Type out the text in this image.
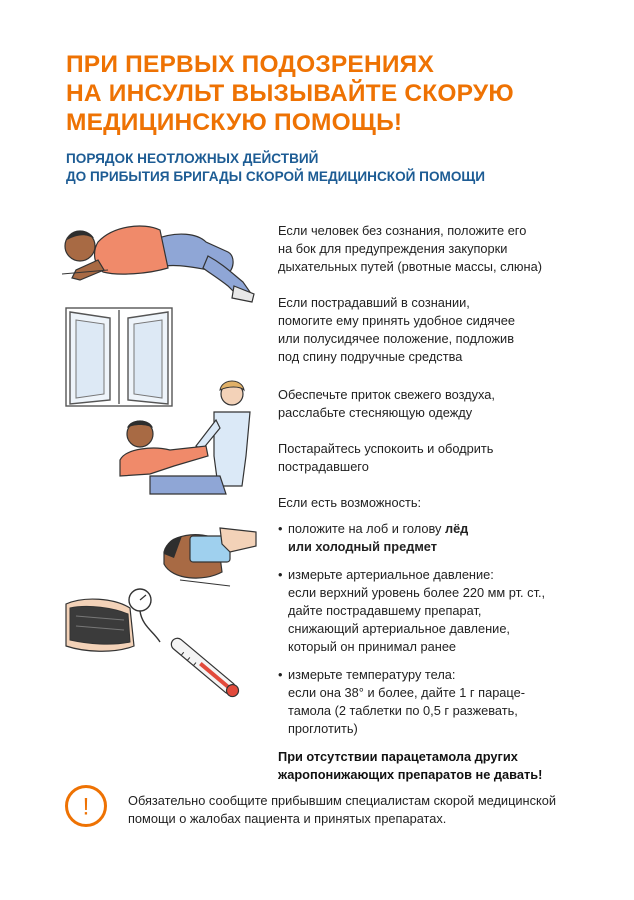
ПРИ ПЕРВЫХ ПОДОЗРЕНИЯХ
НА ИНСУЛЬТ ВЫЗЫВАЙТЕ СКОРУЮ
МЕДИЦИНСКУЮ ПОМОЩЬ!
ПОРЯДОК НЕОТЛОЖНЫХ ДЕЙСТВИЙ
ДО ПРИБЫТИЯ БРИГАДЫ СКОРОЙ МЕДИЦИНСКОЙ ПОМОЩИ
Если человек без сознания, положите его
на бок для предупреждения закупорки
дыхательных путей (рвотные массы, слюна)
Если пострадавший в сознании,
помогите ему принять удобное сидячее
или полусидячее положение, подложив
под спину подручные средства
Обеспечьте приток свежего воздуха,
расслабьте стесняющую одежду
Постарайтесь успокоить и ободрить
пострадавшего
Если есть возможность:
• положите на лоб и голову лёд
или холодный предмет
• измерьте артериальное давление:
если верхний уровень более 220 мм рт. ст.,
дайте пострадавшему препарат,
снижающий артериальное давление,
который он принимал ранее
• измерьте температуру тела:
если она 38° и более, дайте 1 г параце-
тамола (2 таблетки по 0,5 г разжевать,
проглотить)
При отсутствии парацетамола других
жаропонижающих препаратов не давать!
!	Обязательно сообщите прибывшим специалистам скорой медицинской
помощи о жалобах пациента и принятых препаратах.
